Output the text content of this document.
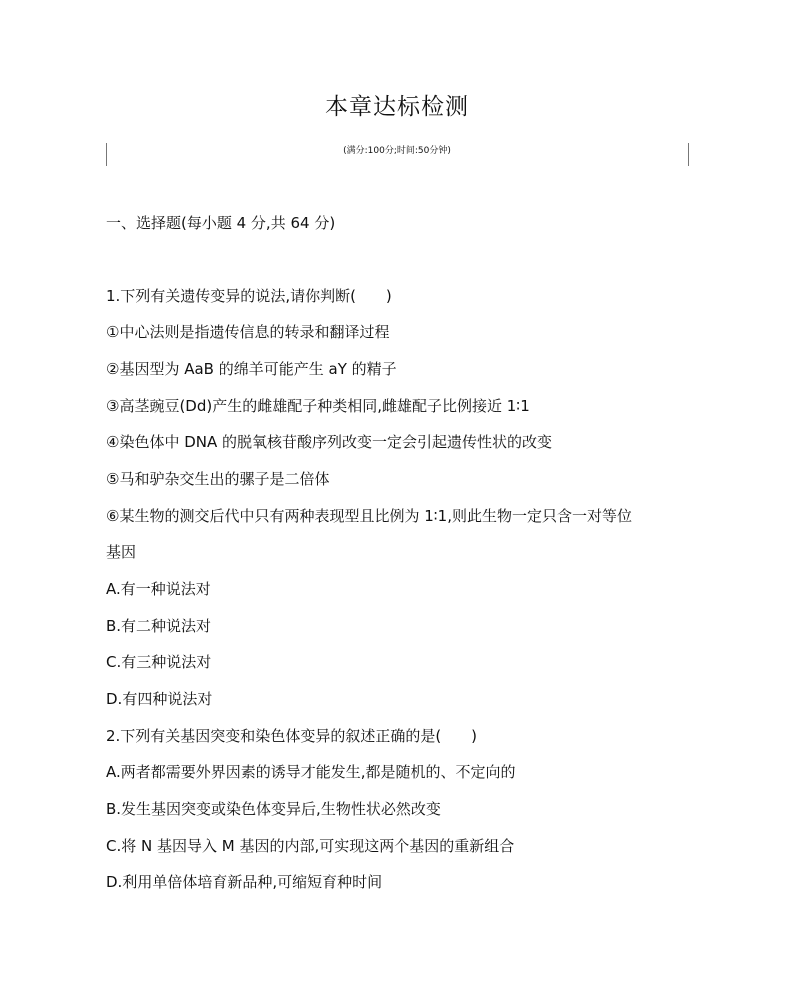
本章达标检测
(满分:100分;时间:50分钟)
一、选择题(每小题 4 分,共 64 分)
1.下列有关遗传变异的说法,请你判断(　　)
①中心法则是指遗传信息的转录和翻译过程
②基因型为 AaB 的绵羊可能产生 aY 的精子
③高茎豌豆(Dd)产生的雌雄配子种类相同,雌雄配子比例接近 1∶1
④染色体中 DNA 的脱氧核苷酸序列改变一定会引起遗传性状的改变
⑤马和驴杂交生出的骡子是二倍体
⑥某生物的测交后代中只有两种表现型且比例为 1∶1,则此生物一定只含一对等位
基因
A.有一种说法对
B.有二种说法对
C.有三种说法对
D.有四种说法对
2.下列有关基因突变和染色体变异的叙述正确的是(　　)
A.两者都需要外界因素的诱导才能发生,都是随机的、不定向的
B.发生基因突变或染色体变异后,生物性状必然改变
C.将 N 基因导入 M 基因的内部,可实现这两个基因的重新组合
D.利用单倍体培育新品种,可缩短育种时间
